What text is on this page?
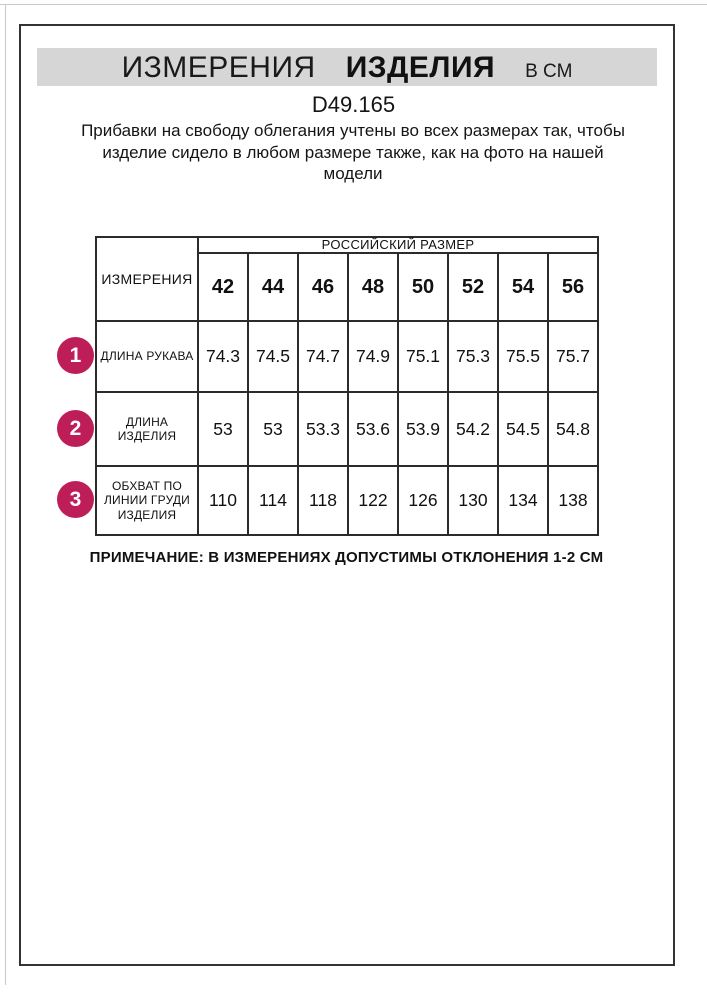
ИЗМЕРЕНИЯ ИЗДЕЛИЯ В СМ
D49.165
Прибавки на свободу облегания учтены во всех размерах так, чтобы
изделие сидело в любом размере также, как на фото на нашей
модели
ИЗМЕРЕНИЯ	РОССИЙСКИЙ РАЗМЕР							
	42	44	46	48	50	52	54	56
ДЛИНА РУКАВА	74.3	74.5	74.7	74.9	75.1	75.3	75.5	75.7
ДЛИНА ИЗДЕЛИЯ	53	53	53.3	53.6	53.9	54.2	54.5	54.8
ОБХВАТ ПО ЛИНИИ ГРУДИ ИЗДЕЛИЯ	110	114	118	122	126	130	134	138
1
2
3
ПРИМЕЧАНИЕ: В ИЗМЕРЕНИЯХ ДОПУСТИМЫ ОТКЛОНЕНИЯ 1-2 СМ
